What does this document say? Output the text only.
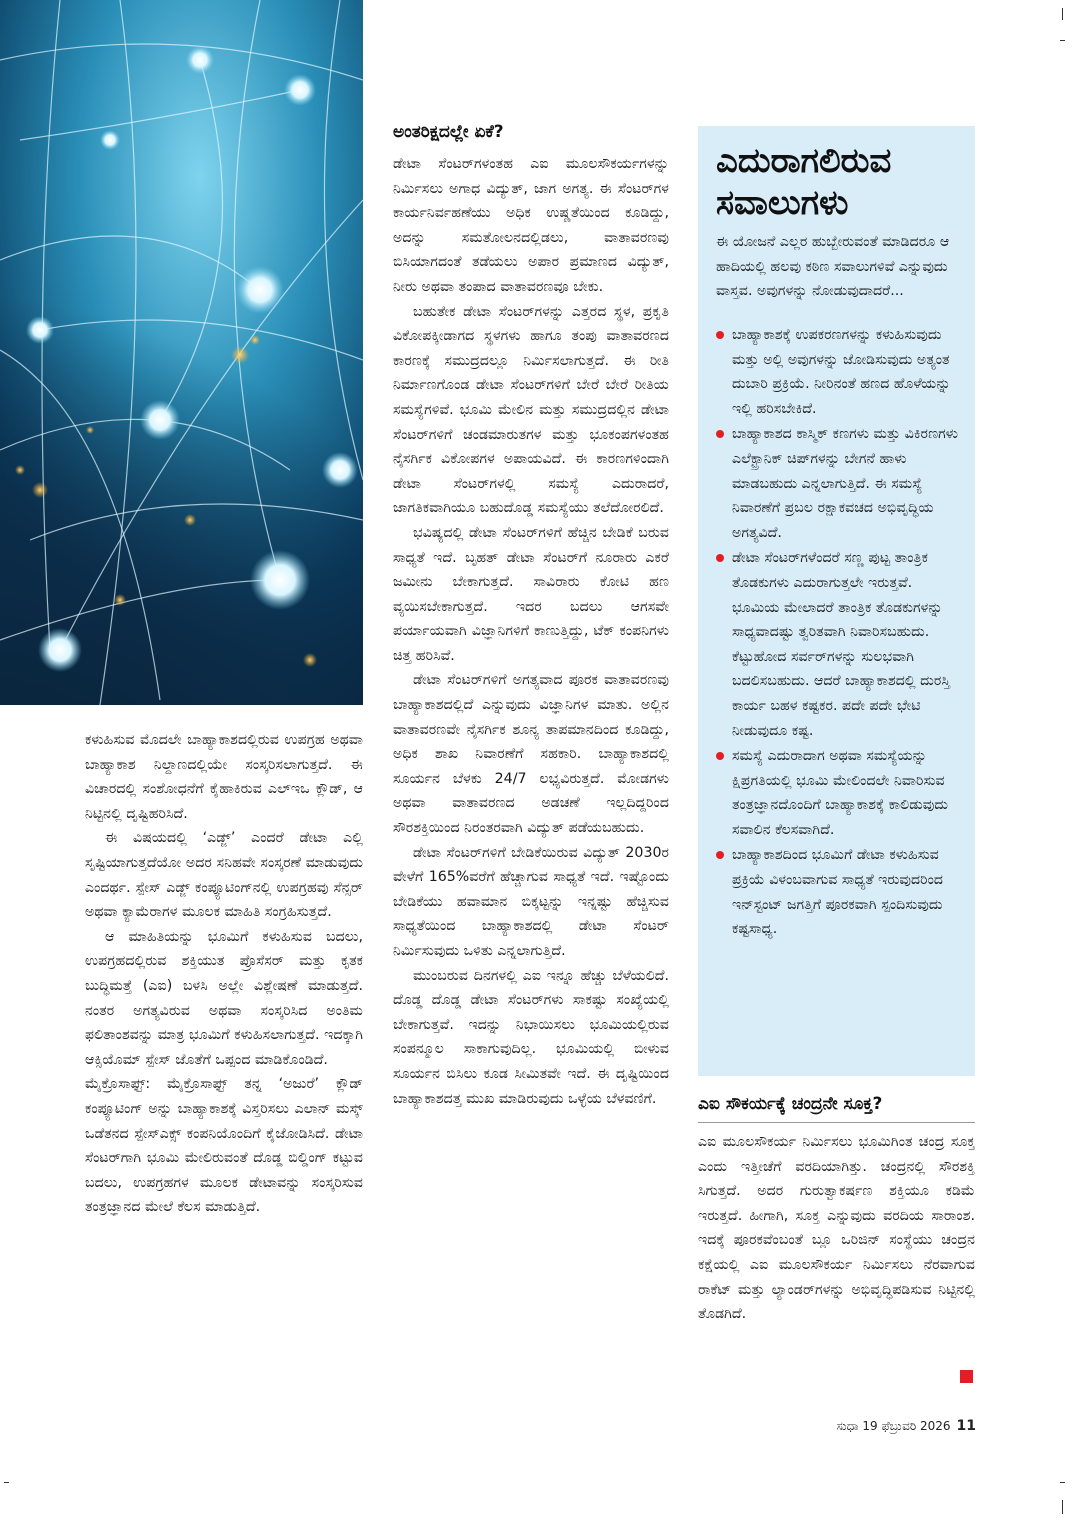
ಕಳುಹಿಸುವ ಮೊದಲೇ ಬಾಹ್ಯಾಕಾಶದಲ್ಲಿರುವ ಉಪಗ್ರಹ ಅಥವಾ ಬಾಹ್ಯಾಕಾಶ ನಿಲ್ದಾಣದಲ್ಲಿಯೇ ಸಂಸ್ಕರಿಸಲಾಗುತ್ತದೆ. ಈ ವಿಚಾರದಲ್ಲಿ ಸಂಶೋಧನೆಗೆ ಕೈಹಾಕಿರುವ ಎಲ್‌ಇಒ ಕ್ಲೌಡ್, ಆ ನಿಟ್ಟಿನಲ್ಲಿ ದೃಷ್ಟಿಹರಿಸಿದೆ.

ಈ ವಿಷಯದಲ್ಲಿ ‘ಎಡ್ಜ್’ ಎಂದರೆ ಡೇಟಾ ಎಲ್ಲಿ ಸೃಷ್ಟಿಯಾಗುತ್ತದೆಯೋ ಅದರ ಸನಿಹವೇ ಸಂಸ್ಕರಣೆ ಮಾಡುವುದು ಎಂದರ್ಥ. ಸ್ಪೇಸ್ ಎಡ್ಜ್ ಕಂಪ್ಯೂಟಿಂಗ್‌ನಲ್ಲಿ ಉಪಗ್ರಹವು ಸೆನ್ಸರ್ ಅಥವಾ ಕ್ಯಾಮೆರಾಗಳ ಮೂಲಕ ಮಾಹಿತಿ ಸಂಗ್ರಹಿಸುತ್ತದೆ.

ಆ ಮಾಹಿತಿಯನ್ನು ಭೂಮಿಗೆ ಕಳುಹಿಸುವ ಬದಲು, ಉಪಗ್ರಹದಲ್ಲಿರುವ ಶಕ್ತಿಯುತ ಪ್ರೊಸೆಸರ್ ಮತ್ತು ಕೃತಕ ಬುದ್ಧಿಮತ್ತೆ (ಎಐ) ಬಳಸಿ ಅಲ್ಲೇ ವಿಶ್ಲೇಷಣೆ ಮಾಡುತ್ತದೆ. ನಂತರ ಅಗತ್ಯವಿರುವ ಅಥವಾ ಸಂಸ್ಕರಿಸಿದ ಅಂತಿಮ ಫಲಿತಾಂಶವನ್ನು ಮಾತ್ರ ಭೂಮಿಗೆ ಕಳುಹಿಸಲಾಗುತ್ತದೆ. ಇದಕ್ಕಾಗಿ ಆಕ್ಸಿಯೊಮ್ ಸ್ಪೇಸ್ ಜೊತೆಗೆ ಒಪ್ಪಂದ ಮಾಡಿಕೊಂಡಿದೆ.

ಮೈಕ್ರೊಸಾಫ್ಟ್: ಮೈಕ್ರೊಸಾಫ್ಟ್ ತನ್ನ ‘ಅಜುರೆ’ ಕ್ಲೌಡ್ ಕಂಪ್ಯೂಟಿಂಗ್ ಅನ್ನು ಬಾಹ್ಯಾಕಾಶಕ್ಕೆ ವಿಸ್ತರಿಸಲು ಎಲಾನ್ ಮಸ್ಕ್ ಒಡೆತನದ ಸ್ಪೇಸ್‌ಎಕ್ಸ್ ಕಂಪನಿಯೊಂದಿಗೆ ಕೈಜೋಡಿಸಿದೆ. ಡೇಟಾ ಸೆಂಟರ್‌ಗಾಗಿ ಭೂಮಿ ಮೇಲಿರುವಂತೆ ದೊಡ್ಡ ಬಿಲ್ಡಿಂಗ್ ಕಟ್ಟುವ ಬದಲು, ಉಪಗ್ರಹಗಳ ಮೂಲಕ ಡೇಟಾವನ್ನು ಸಂಸ್ಕರಿಸುವ ತಂತ್ರಜ್ಞಾನದ ಮೇಲೆ ಕೆಲಸ ಮಾಡುತ್ತಿದೆ.

ಅಂತರಿಕ್ಷದಲ್ಲೇ ಏಕೆ?

ಡೇಟಾ ಸೆಂಟರ್‌ಗಳಂತಹ ಎಐ ಮೂಲಸೌಕರ್ಯಗಳನ್ನು ನಿರ್ಮಿಸಲು ಅಗಾಧ ವಿದ್ಯುತ್, ಜಾಗ ಅಗತ್ಯ. ಈ ಸೆಂಟರ್‌ಗಳ ಕಾರ್ಯನಿರ್ವಹಣೆಯು ಅಧಿಕ ಉಷ್ಣತೆಯಿಂದ ಕೂಡಿದ್ದು, ಅದನ್ನು ಸಮತೋಲನದಲ್ಲಿಡಲು, ವಾತಾವರಣವು ಬಿಸಿಯಾಗದಂತೆ ತಡೆಯಲು ಅಪಾರ ಪ್ರಮಾಣದ ವಿದ್ಯುತ್, ನೀರು ಅಥವಾ ತಂಪಾದ ವಾತಾವರಣವೂ ಬೇಕು.

ಬಹುತೇಕ ಡೇಟಾ ಸೆಂಟರ್‌ಗಳನ್ನು ಎತ್ತರದ ಸ್ಥಳ, ಪ್ರಕೃತಿ ವಿಕೋಪಕ್ಕೀಡಾಗದ ಸ್ಥಳಗಳು ಹಾಗೂ ತಂಪು ವಾತಾವರಣದ ಕಾರಣಕ್ಕೆ ಸಮುದ್ರದಲ್ಲೂ ನಿರ್ಮಿಸಲಾಗುತ್ತದೆ. ಈ ರೀತಿ ನಿರ್ಮಾಣಗೊಂಡ ಡೇಟಾ ಸೆಂಟರ್‌ಗಳಿಗೆ ಬೇರೆ ಬೇರೆ ರೀತಿಯ ಸಮಸ್ಯೆಗಳಿವೆ. ಭೂಮಿ ಮೇಲಿನ ಮತ್ತು ಸಮುದ್ರದಲ್ಲಿನ ಡೇಟಾ ಸೆಂಟರ್‌ಗಳಿಗೆ ಚಂಡಮಾರುತಗಳ ಮತ್ತು ಭೂಕಂಪಗಳಂತಹ ನೈಸರ್ಗಿಕ ವಿಕೋಪಗಳ ಅಪಾಯವಿದೆ. ಈ ಕಾರಣಗಳಿಂದಾಗಿ ಡೇಟಾ ಸೆಂಟರ್‌ಗಳಲ್ಲಿ ಸಮಸ್ಯೆ ಎದುರಾದರೆ, ಜಾಗತಿಕವಾಗಿಯೂ ಬಹುದೊಡ್ಡ ಸಮಸ್ಯೆಯು ತಲೆದೋರಲಿದೆ.

ಭವಿಷ್ಯದಲ್ಲಿ ಡೇಟಾ ಸೆಂಟರ್‌ಗಳಿಗೆ ಹೆಚ್ಚಿನ ಬೇಡಿಕೆ ಬರುವ ಸಾಧ್ಯತೆ ಇದೆ. ಬೃಹತ್ ಡೇಟಾ ಸೆಂಟರ್‌ಗೆ ನೂರಾರು ಎಕರೆ ಜಮೀನು ಬೇಕಾಗುತ್ತದೆ. ಸಾವಿರಾರು ಕೋಟಿ ಹಣ ವ್ಯಯಿಸಬೇಕಾಗುತ್ತದೆ. ಇದರ ಬದಲು ಆಗಸವೇ ಪರ್ಯಾಯವಾಗಿ ವಿಜ್ಞಾನಿಗಳಿಗೆ ಕಾಣುತ್ತಿದ್ದು, ಟೆಕ್ ಕಂಪನಿಗಳು ಚಿತ್ತ ಹರಿಸಿವೆ.

ಡೇಟಾ ಸೆಂಟರ್‌ಗಳಿಗೆ ಅಗತ್ಯವಾದ ಪೂರಕ ವಾತಾವರಣವು ಬಾಹ್ಯಾಕಾಶದಲ್ಲಿದೆ ಎನ್ನುವುದು ವಿಜ್ಞಾನಿಗಳ ಮಾತು. ಅಲ್ಲಿನ ವಾತಾವರಣವೇ ನೈಸರ್ಗಿಕ ಶೂನ್ಯ ತಾಪಮಾನದಿಂದ ಕೂಡಿದ್ದು, ಅಧಿಕ ಶಾಖ ನಿವಾರಣೆಗೆ ಸಹಕಾರಿ. ಬಾಹ್ಯಾಕಾಶದಲ್ಲಿ ಸೂರ್ಯನ ಬೆಳಕು 24/7 ಲಭ್ಯವಿರುತ್ತದೆ. ಮೋಡಗಳು ಅಥವಾ ವಾತಾವರಣದ ಅಡಚಣೆ ಇಲ್ಲದಿದ್ದರಿಂದ ಸೌರಶಕ್ತಿಯಿಂದ ನಿರಂತರವಾಗಿ ವಿದ್ಯುತ್ ಪಡೆಯಬಹುದು.

ಡೇಟಾ ಸೆಂಟರ್‌ಗಳಿಗೆ ಬೇಡಿಕೆಯಿರುವ ವಿದ್ಯುತ್ 2030ರ ವೇಳೆಗೆ 165%ವರೆಗೆ ಹೆಚ್ಚಾಗುವ ಸಾಧ್ಯತೆ ಇದೆ. ಇಷ್ಟೊಂದು ಬೇಡಿಕೆಯು ಹವಾಮಾನ ಬಿಕ್ಕಟ್ಟನ್ನು ಇನ್ನಷ್ಟು ಹೆಚ್ಚಿಸುವ ಸಾಧ್ಯತೆಯಿಂದ ಬಾಹ್ಯಾಕಾಶದಲ್ಲಿ ಡೇಟಾ ಸೆಂಟರ್ ನಿರ್ಮಿಸುವುದು ಒಳಿತು ಎನ್ನಲಾಗುತ್ತಿದೆ.

ಮುಂಬರುವ ದಿನಗಳಲ್ಲಿ ಎಐ ಇನ್ನೂ ಹೆಚ್ಚು ಬೆಳೆಯಲಿದೆ. ದೊಡ್ಡ ದೊಡ್ಡ ಡೇಟಾ ಸೆಂಟರ್‌ಗಳು ಸಾಕಷ್ಟು ಸಂಖ್ಯೆಯಲ್ಲಿ ಬೇಕಾಗುತ್ತವೆ. ಇದನ್ನು ನಿಭಾಯಿಸಲು ಭೂಮಿಯಲ್ಲಿರುವ ಸಂಪನ್ಮೂಲ ಸಾಕಾಗುವುದಿಲ್ಲ. ಭೂಮಿಯಲ್ಲಿ ಬೀಳುವ ಸೂರ್ಯನ ಬಿಸಿಲು ಕೂಡ ಸೀಮಿತವೇ ಇದೆ. ಈ ದೃಷ್ಟಿಯಿಂದ ಬಾಹ್ಯಾಕಾಶದತ್ತ ಮುಖ ಮಾಡಿರುವುದು ಒಳ್ಳೆಯ ಬೆಳವಣಿಗೆ.

ಎದುರಾಗಲಿರುವ ಸವಾಲುಗಳು
ಈ ಯೋಜನೆ ಎಲ್ಲರ ಹುಬ್ಬೇರುವಂತೆ ಮಾಡಿದರೂ ಆ ಹಾದಿಯಲ್ಲಿ ಹಲವು ಕಠಿಣ ಸವಾಲುಗಳಿವೆ ಎನ್ನುವುದು ವಾಸ್ತವ. ಅವುಗಳನ್ನು ನೋಡುವುದಾದರೆ...
ಬಾಹ್ಯಾಕಾಶಕ್ಕೆ ಉಪಕರಣಗಳನ್ನು ಕಳುಹಿಸುವುದು ಮತ್ತು ಅಲ್ಲಿ ಅವುಗಳನ್ನು ಜೋಡಿಸುವುದು ಅತ್ಯಂತ ದುಬಾರಿ ಪ್ರಕ್ರಿಯೆ. ನೀರಿನಂತೆ ಹಣದ ಹೊಳೆಯನ್ನು ಇಲ್ಲಿ ಹರಿಸಬೇಕಿದೆ.
ಬಾಹ್ಯಾಕಾಶದ ಕಾಸ್ಮಿಕ್ ಕಣಗಳು ಮತ್ತು ವಿಕಿರಣಗಳು ಎಲೆಕ್ಟ್ರಾನಿಕ್ ಚಿಪ್‌ಗಳನ್ನು ಬೇಗನೆ ಹಾಳು ಮಾಡಬಹುದು ಎನ್ನಲಾಗುತ್ತಿದೆ. ಈ ಸಮಸ್ಯೆ ನಿವಾರಣೆಗೆ ಪ್ರಬಲ ರಕ್ಷಾಕವಚದ ಅಭಿವೃದ್ಧಿಯ ಅಗತ್ಯವಿದೆ.
ಡೇಟಾ ಸೆಂಟರ್‌ಗಳೆಂದರೆ ಸಣ್ಣ ಪುಟ್ಟ ತಾಂತ್ರಿಕ ತೊಡಕುಗಳು ಎದುರಾಗುತ್ತಲೇ ಇರುತ್ತವೆ. ಭೂಮಿಯ ಮೇಲಾದರೆ ತಾಂತ್ರಿಕ ತೊಡಕುಗಳನ್ನು ಸಾಧ್ಯವಾದಷ್ಟು ತ್ವರಿತವಾಗಿ ನಿವಾರಿಸಬಹುದು. ಕೆಟ್ಟುಹೋದ ಸರ್ವರ್‌ಗಳನ್ನು ಸುಲಭವಾಗಿ ಬದಲಿಸಬಹುದು. ಆದರೆ ಬಾಹ್ಯಾಕಾಶದಲ್ಲಿ ದುರಸ್ತಿ ಕಾರ್ಯ ಬಹಳ ಕಷ್ಟಕರ. ಪದೇ ಪದೇ ಭೇಟಿ ನೀಡುವುದೂ ಕಷ್ಟ.
ಸಮಸ್ಯೆ ಎದುರಾದಾಗ ಅಥವಾ ಸಮಸ್ಯೆಯನ್ನು ಕ್ಷಿಪ್ರಗತಿಯಲ್ಲಿ ಭೂಮಿ ಮೇಲಿಂದಲೇ ನಿವಾರಿಸುವ ತಂತ್ರಜ್ಞಾನದೊಂದಿಗೆ ಬಾಹ್ಯಾಕಾಶಕ್ಕೆ ಕಾಲಿಡುವುದು ಸವಾಲಿನ ಕೆಲಸವಾಗಿದೆ.
ಬಾಹ್ಯಾಕಾಶದಿಂದ ಭೂಮಿಗೆ ಡೇಟಾ ಕಳುಹಿಸುವ ಪ್ರಕ್ರಿಯೆ ವಿಳಂಬವಾಗುವ ಸಾಧ್ಯತೆ ಇರುವುದರಿಂದ ಇನ್‌ಸ್ಟಂಟ್ ಜಗತ್ತಿಗೆ ಪೂರಕವಾಗಿ ಸ್ಪಂದಿಸುವುದು ಕಷ್ಟಸಾಧ್ಯ.
ಎಐ ಸೌಕರ್ಯಕ್ಕೆ ಚಂದ್ರನೇ ಸೂಕ್ತ?
ಎಐ ಮೂಲಸೌಕರ್ಯ ನಿರ್ಮಿಸಲು ಭೂಮಿಗಿಂತ ಚಂದ್ರ ಸೂಕ್ತ ಎಂದು ಇತ್ತೀಚೆಗೆ ವರದಿಯಾಗಿತ್ತು. ಚಂದ್ರನಲ್ಲಿ ಸೌರಶಕ್ತಿ ಸಿಗುತ್ತದೆ. ಅದರ ಗುರುತ್ವಾಕರ್ಷಣ ಶಕ್ತಿಯೂ ಕಡಿಮೆ ಇರುತ್ತದೆ. ಹೀಗಾಗಿ, ಸೂಕ್ತ ಎನ್ನುವುದು ವರದಿಯ ಸಾರಾಂಶ. ಇದಕ್ಕೆ ಪೂರಕವೆಂಬಂತೆ ಬ್ಲೂ ಒರಿಜಿನ್ ಸಂಸ್ಥೆಯು ಚಂದ್ರನ ಕಕ್ಷೆಯಲ್ಲಿ ಎಐ ಮೂಲಸೌಕರ್ಯ ನಿರ್ಮಿಸಲು ನೆರವಾಗುವ ರಾಕೆಟ್ ಮತ್ತು ಲ್ಯಾಂಡರ್‌ಗಳನ್ನು ಅಭಿವೃದ್ಧಿಪಡಿಸುವ ನಿಟ್ಟಿನಲ್ಲಿ ತೊಡಗಿದೆ.
ಸುಧಾ 19 ಫೆಬ್ರುವರಿ 2026 11
